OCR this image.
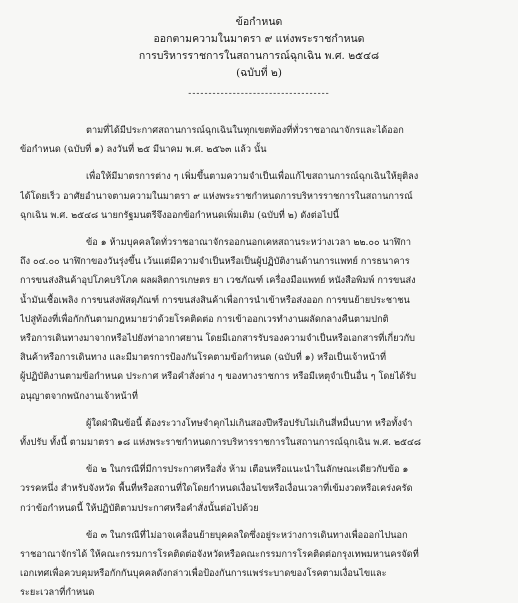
ข้อกำหนด
ออกตามความในมาตรา ๙ แห่งพระราชกำหนด
การบริหารราชการในสถานการณ์ฉุกเฉิน พ.ศ. ๒๕๔๘
(ฉบับที่ ๒)
-----------------------------------
ตามที่ได้มีประกาศสถานการณ์ฉุกเฉินในทุกเขตท้องที่ทั่วราชอาณาจักรและได้ออก
ข้อกำหนด (ฉบับที่ ๑) ลงวันที่ ๒๕ มีนาคม พ.ศ. ๒๕๖๓ แล้ว นั้น
เพื่อให้มีมาตรการต่าง ๆ เพิ่มขึ้นตามความจำเป็นเพื่อแก้ไขสถานการณ์ฉุกเฉินให้ยุติลง
ได้โดยเร็ว อาศัยอำนาจตามความในมาตรา ๙ แห่งพระราชกำหนดการบริหารราชการในสถานการณ์
ฉุกเฉิน พ.ศ. ๒๕๔๘ นายกรัฐมนตรีจึงออกข้อกำหนดเพิ่มเติม (ฉบับที่ ๒) ดังต่อไปนี้
ข้อ ๑ ห้ามบุคคลใดทั่วราชอาณาจักรออกนอกเคหสถานระหว่างเวลา ๒๒.๐๐ นาฬิกา
ถึง ๐๔.๐๐ นาฬิกาของวันรุ่งขึ้น เว้นแต่มีความจำเป็นหรือเป็นผู้ปฏิบัติงานด้านการแพทย์ การธนาคาร
การขนส่งสินค้าอุปโภคบริโภค ผลผลิตการเกษตร ยา เวชภัณฑ์ เครื่องมือแพทย์ หนังสือพิมพ์ การขนส่ง
น้ำมันเชื้อเพลิง การขนส่งพัสดุภัณฑ์ การขนส่งสินค้าเพื่อการนำเข้าหรือส่งออก การขนย้ายประชาชน
ไปสู่ท้องที่เพื่อกักกันตามกฎหมายว่าด้วยโรคติดต่อ การเข้าออกเวรทำงานผลัดกลางคืนตามปกติ
หรือการเดินทางมาจากหรือไปยังท่าอากาศยาน โดยมีเอกสารรับรองความจำเป็นหรือเอกสารที่เกี่ยวกับ
สินค้าหรือการเดินทาง และมีมาตรการป้องกันโรคตามข้อกำหนด (ฉบับที่ ๑) หรือเป็นเจ้าหน้าที่
ผู้ปฏิบัติงานตามข้อกำหนด ประกาศ หรือคำสั่งต่าง ๆ ของทางราชการ หรือมีเหตุจำเป็นอื่น ๆ โดยได้รับ
อนุญาตจากพนักงานเจ้าหน้าที่
ผู้ใดฝ่าฝืนข้อนี้ ต้องระวางโทษจำคุกไม่เกินสองปีหรือปรับไม่เกินสี่หมื่นบาท หรือทั้งจำ
ทั้งปรับ ทั้งนี้ ตามมาตรา ๑๘ แห่งพระราชกำหนดการบริหารราชการในสถานการณ์ฉุกเฉิน พ.ศ. ๒๕๔๘
ข้อ ๒ ในกรณีที่มีการประกาศหรือสั่ง ห้าม เตือนหรือแนะนำในลักษณะเดียวกับข้อ ๑
วรรคหนึ่ง สำหรับจังหวัด พื้นที่หรือสถานที่ใดโดยกำหนดเงื่อนไขหรือเงื่อนเวลาที่เข้มงวดหรือเคร่งครัด
กว่าข้อกำหนดนี้ ให้ปฏิบัติตามประกาศหรือคำสั่งนั้นต่อไปด้วย
ข้อ ๓ ในกรณีที่ไม่อาจเคลื่อนย้ายบุคคลใดซึ่งอยู่ระหว่างการเดินทางเพื่อออกไปนอก
ราชอาณาจักรได้ ให้คณะกรรมการโรคติดต่อจังหวัดหรือคณะกรรมการโรคติดต่อกรุงเทพมหานครจัดที่
เอกเทศเพื่อควบคุมหรือกักกันบุคคลดังกล่าวเพื่อป้องกันการแพร่ระบาดของโรคตามเงื่อนไขและ
ระยะเวลาที่กำหนด
